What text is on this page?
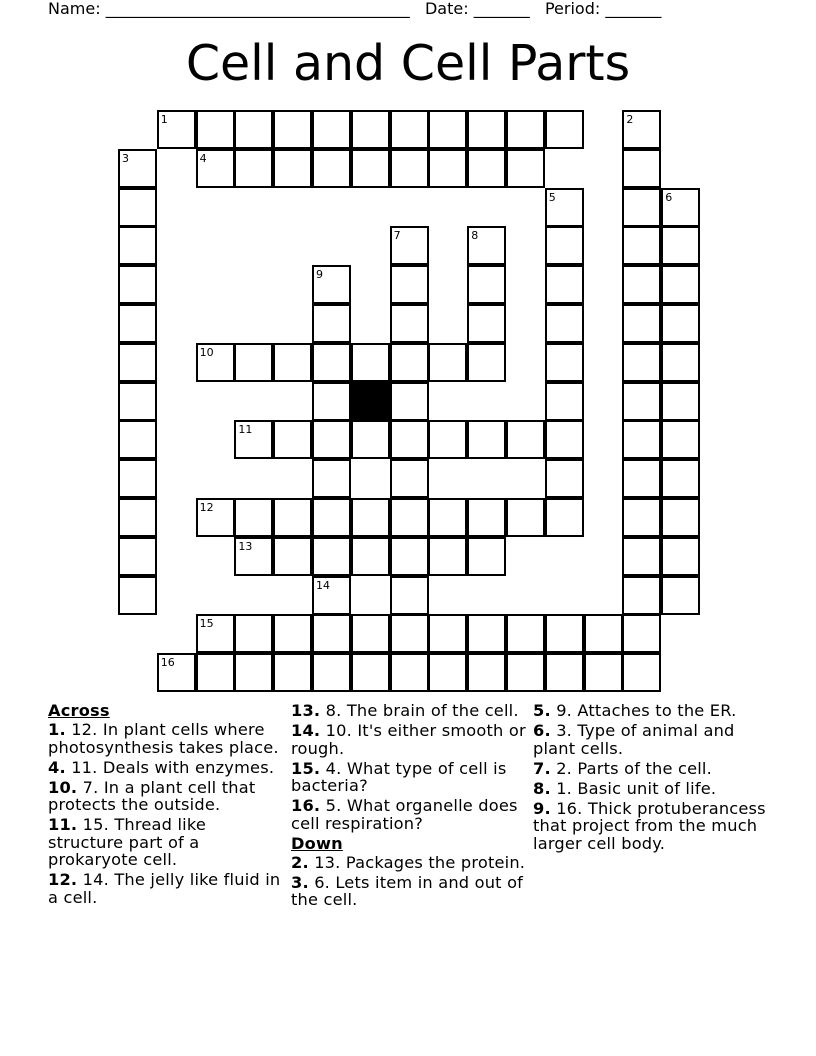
Name: ______________________________________ Date: _______ Period: _______
Cell and Cell Parts
1
4
10
11
12
13
15
16
2
3
5	6
7	8
9
14
Across
1. 12. In plant cells where photosynthesis takes place.
4. 11. Deals with enzymes.
10. 7. In a plant cell that protects the outside.
11. 15. Thread like structure part of a prokaryote cell.
12. 14. The jelly like fluid in a cell.
13. 8. The brain of the cell.
14. 10. It's either smooth or rough.
15. 4. What type of cell is bacteria?
16. 5. What organelle does cell respiration?
Down
2. 13. Packages the protein.
3. 6. Lets item in and out of the cell.
5. 9. Attaches to the ER.
6. 3. Type of animal and plant cells.
7. 2. Parts of the cell.
8. 1. Basic unit of life.
9. 16. Thick protuberancess that project from the much larger cell body.
